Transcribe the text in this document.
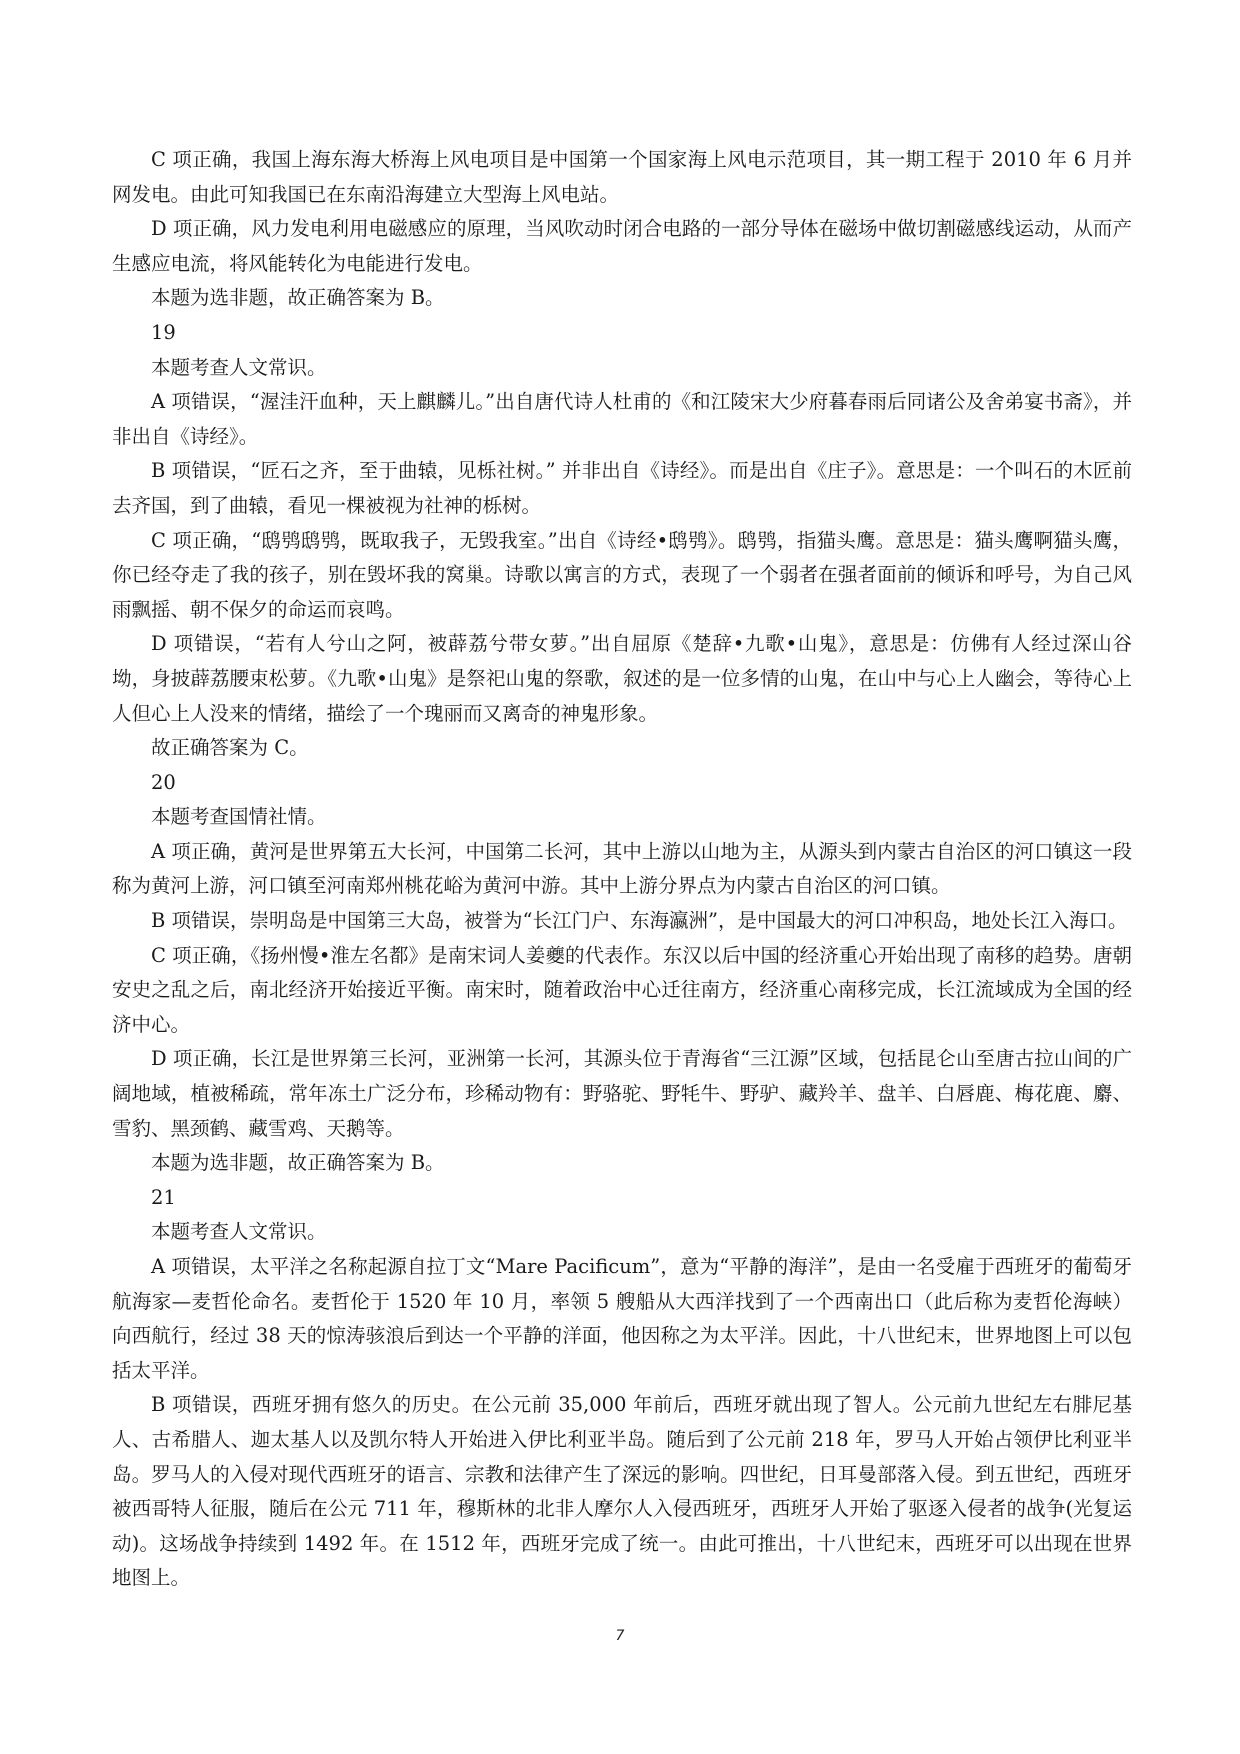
C 项正确，我国上海东海大桥海上风电项目是中国第一个国家海上风电示范项目，其一期工程于 2010 年 6 月并网发电。由此可知我国已在东南沿海建立大型海上风电站。

D 项正确，风力发电利用电磁感应的原理，当风吹动时闭合电路的一部分导体在磁场中做切割磁感线运动，从而产生感应电流，将风能转化为电能进行发电。

本题为选非题，故正确答案为 B。

19

本题考查人文常识。

A 项错误，“渥洼汗血种，天上麒麟儿。”出自唐代诗人杜甫的《和江陵宋大少府暮春雨后同诸公及舍弟宴书斋》，并非出自《诗经》。

B 项错误，“匠石之齐，至于曲辕，见栎社树。” 并非出自《诗经》。而是出自《庄子》。意思是：一个叫石的木匠前去齐国，到了曲辕，看见一棵被视为社神的栎树。

C 项正确，“鸱鸮鸱鸮，既取我子，无毁我室。”出自《诗经•鸱鸮》。鸱鸮，指猫头鹰。意思是：猫头鹰啊猫头鹰，你已经夺走了我的孩子，别在毁坏我的窝巢。诗歌以寓言的方式，表现了一个弱者在强者面前的倾诉和呼号，为自己风雨飘摇、朝不保夕的命运而哀鸣。

D 项错误，“若有人兮山之阿，被薜荔兮带女萝。”出自屈原《楚辞•九歌•山鬼》，意思是：仿佛有人经过深山谷坳，身披薜荔腰束松萝。《九歌•山鬼》是祭祀山鬼的祭歌，叙述的是一位多情的山鬼，在山中与心上人幽会，等待心上人但心上人没来的情绪，描绘了一个瑰丽而又离奇的神鬼形象。

故正确答案为 C。

20

本题考查国情社情。

A 项正确，黄河是世界第五大长河，中国第二长河，其中上游以山地为主，从源头到内蒙古自治区的河口镇这一段称为黄河上游，河口镇至河南郑州桃花峪为黄河中游。其中上游分界点为内蒙古自治区的河口镇。

B 项错误，崇明岛是中国第三大岛，被誉为“长江门户、东海瀛洲”，是中国最大的河口冲积岛，地处长江入海口。

C 项正确，《扬州慢•淮左名都》是南宋词人姜夔的代表作。东汉以后中国的经济重心开始出现了南移的趋势。唐朝安史之乱之后，南北经济开始接近平衡。南宋时，随着政治中心迁往南方，经济重心南移完成，长江流域成为全国的经济中心。

D 项正确，长江是世界第三长河，亚洲第一长河，其源头位于青海省“三江源”区域，包括昆仑山至唐古拉山间的广阔地域，植被稀疏，常年冻土广泛分布，珍稀动物有：野骆驼、野牦牛、野驴、藏羚羊、盘羊、白唇鹿、梅花鹿、麝、雪豹、黑颈鹤、藏雪鸡、天鹅等。

本题为选非题，故正确答案为 B。

21

本题考查人文常识。

A 项错误，太平洋之名称起源自拉丁文“Mare Pacificum”，意为“平静的海洋”，是由一名受雇于西班牙的葡萄牙航海家—麦哲伦命名。麦哲伦于 1520 年 10 月，率领 5 艘船从大西洋找到了一个西南出口（此后称为麦哲伦海峡）向西航行，经过 38 天的惊涛骇浪后到达一个平静的洋面，他因称之为太平洋。因此，十八世纪末，世界地图上可以包括太平洋。

B 项错误，西班牙拥有悠久的历史。在公元前 35,000 年前后，西班牙就出现了智人。公元前九世纪左右腓尼基人、古希腊人、迦太基人以及凯尔特人开始进入伊比利亚半岛。随后到了公元前 218 年，罗马人开始占领伊比利亚半岛。罗马人的入侵对现代西班牙的语言、宗教和法律产生了深远的影响。四世纪，日耳曼部落入侵。到五世纪，西班牙被西哥特人征服，随后在公元 711 年，穆斯林的北非人摩尔人入侵西班牙，西班牙人开始了驱逐入侵者的战争(光复运动)。这场战争持续到 1492 年。在 1512 年，西班牙完成了统一。由此可推出，十八世纪末，西班牙可以出现在世界地图上。

7
